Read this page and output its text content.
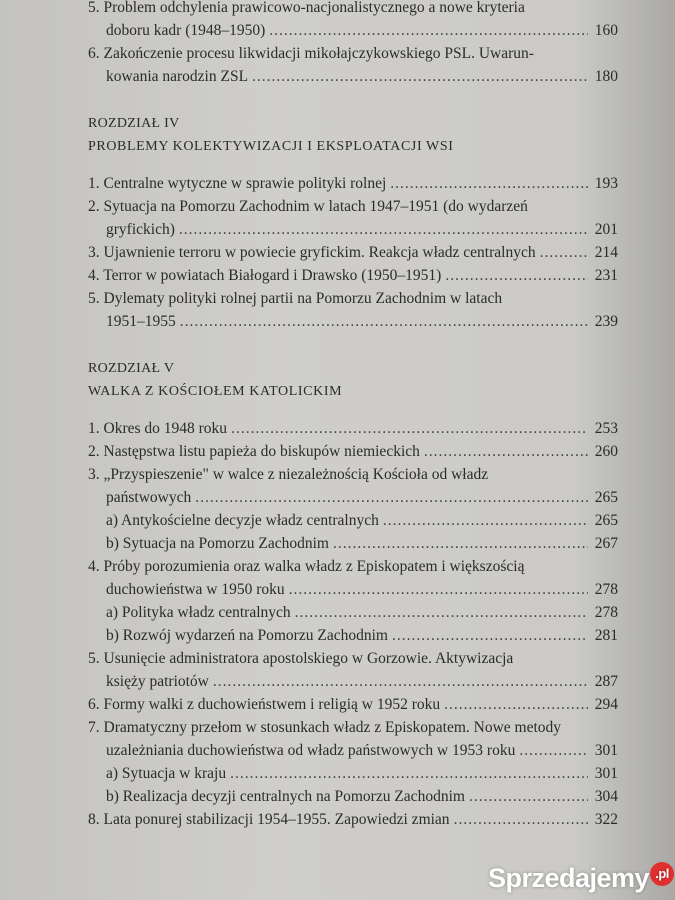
5. Problem odchylenia prawicowo-nacjonalistycznego a nowe kryteria
doboru kadr (1948–1950) .....	160
6. Zakończenie procesu likwidacji mikołajczykowskiego PSL. Uwarun-
kowania narodzin ZSL .....	180
ROZDZIAŁ IV
PROBLEMY KOLEKTYWIZACJI I EKSPLOATACJI WSI
1. Centralne wytyczne w sprawie polityki rolnej .....	193
2. Sytuacja na Pomorzu Zachodnim w latach 1947–1951 (do wydarzeń
gryfickich) .....	201
3. Ujawnienie terroru w powiecie gryfickim. Reakcja władz centralnych .....	214
4. Terror w powiatach Białogard i Drawsko (1950–1951) .....	231
5. Dylematy polityki rolnej partii na Pomorzu Zachodnim w latach
1951–1955 .....	239
ROZDZIAŁ V
WALKA Z KOŚCIOŁEM KATOLICKIM
1. Okres do 1948 roku .....	253
2. Następstwa listu papieża do biskupów niemieckich .....	260
3. „Przyspieszenie" w walce z niezależnością Kościoła od władz
państwowych .....	265
a) Antykościelne decyzje władz centralnych .....	265
b) Sytuacja na Pomorzu Zachodnim .....	267
4. Próby porozumienia oraz walka władz z Episkopatem i większością
duchowieństwa w 1950 roku .....	278
a) Polityka władz centralnych .....	278
b) Rozwój wydarzeń na Pomorzu Zachodnim .....	281
5. Usunięcie administratora apostolskiego w Gorzowie. Aktywizacja
księży patriotów .....	287
6. Formy walki z duchowieństwem i religią w 1952 roku .....	294
7. Dramatyczny przełom w stosunkach władz z Episkopatem. Nowe metody
uzależniania duchowieństwa od władz państwowych w 1953 roku .....	301
a) Sytuacja w kraju .....	301
b) Realizacja decyzji centralnych na Pomorzu Zachodnim .....	304
8. Lata ponurej stabilizacji 1954–1955. Zapowiedzi zmian .....	322
Sprzedajemy $^{.pl}$
